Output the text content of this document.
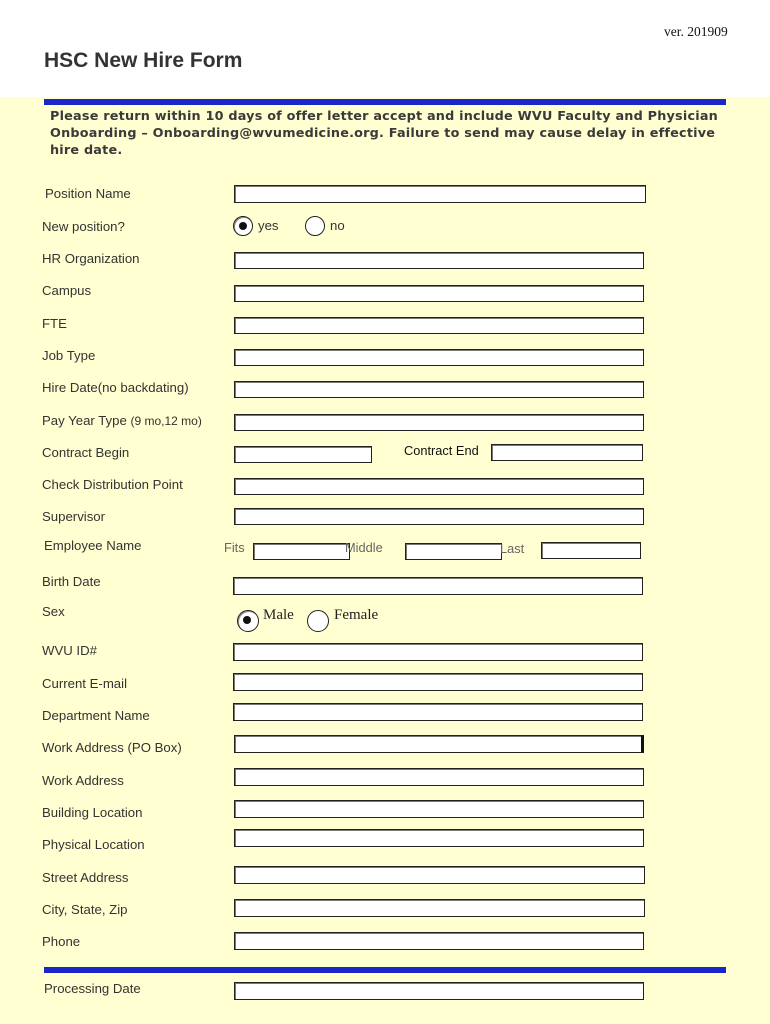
ver. 201909
HSC New Hire Form
Please return within 10 days of offer letter accept and include WVU Faculty and Physician Onboarding – Onboarding@wvumedicine.org. Failure to send may cause delay in effective hire date.
Position Name
New position?	yes	no
HR Organization
Campus
FTE
Job Type
Hire Date(no backdating)
Pay Year Type (9 mo,12 mo)
Contract Begin	Contract End
Check Distribution Point
Supervisor
Employee Name	Fits	Middle	Last
Birth Date
Sex	Male	Female
WVU ID#
Current E-mail
Department Name
Work Address (PO Box)
Work Address
Building Location
Physical Location
Street Address
City, State, Zip
Phone
Processing Date
